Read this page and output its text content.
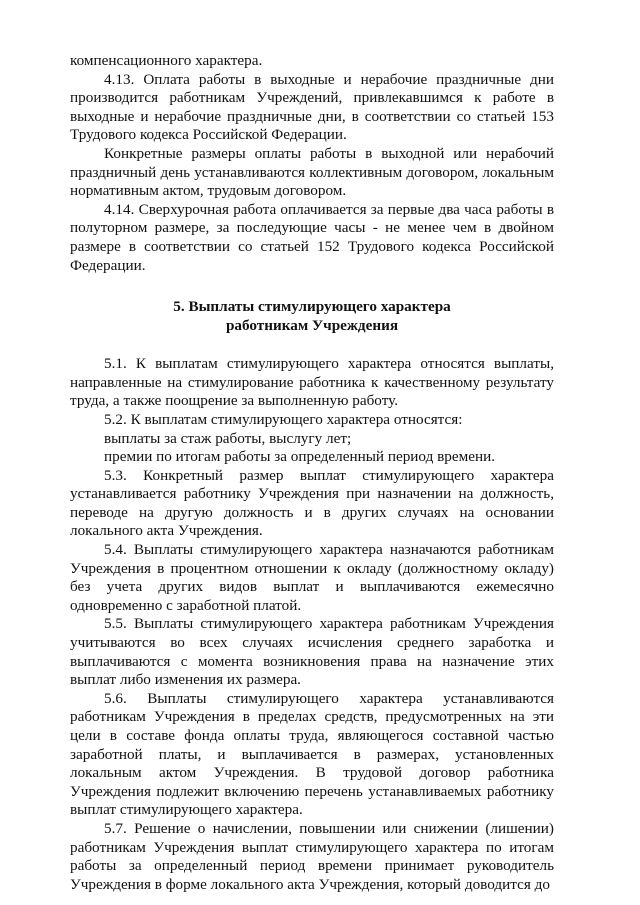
компенсационного характера.

4.13. Оплата работы в выходные и нерабочие праздничные дни производится работникам Учреждений, привлекавшимся к работе в выходные и нерабочие праздничные дни, в соответствии со статьей 153 Трудового кодекса Российской Федерации.

Конкретные размеры оплаты работы в выходной или нерабочий праздничный день устанавливаются коллективным договором, локальным нормативным актом, трудовым договором.

4.14. Сверхурочная работа оплачивается за первые два часа работы в полуторном размере, за последующие часы - не менее чем в двойном размере в соответствии со статьей 152 Трудового кодекса Российской Федерации.

5. Выплаты стимулирующего характера
работникам Учреждения

5.1. К выплатам стимулирующего характера относятся выплаты, направленные на стимулирование работника к качественному результату труда, а также поощрение за выполненную работу.

5.2. К выплатам стимулирующего характера относятся:

выплаты за стаж работы, выслугу лет;

премии по итогам работы за определенный период времени.

5.3. Конкретный размер выплат стимулирующего характера устанавливается работнику Учреждения при назначении на должность, переводе на другую должность и в других случаях на основании локального акта Учреждения.

5.4. Выплаты стимулирующего характера назначаются работникам Учреждения в процентном отношении к окладу (должностному окладу) без учета других видов выплат и выплачиваются ежемесячно одновременно с заработной платой.

5.5. Выплаты стимулирующего характера работникам Учреждения учитываются во всех случаях исчисления среднего заработка и выплачиваются с момента возникновения права на назначение этих выплат либо изменения их размера.

5.6. Выплаты стимулирующего характера устанавливаются работникам Учреждения в пределах средств, предусмотренных на эти цели в составе фонда оплаты труда, являющегося составной частью заработной платы, и выплачивается в размерах, установленных локальным актом Учреждения. В трудовой договор работника Учреждения подлежит включению перечень устанавливаемых работнику выплат стимулирующего характера.

5.7. Решение о начислении, повышении или снижении (лишении) работникам Учреждения выплат стимулирующего характера по итогам работы за определенный период времени принимает руководитель Учреждения в форме локального акта Учреждения, который доводится до
